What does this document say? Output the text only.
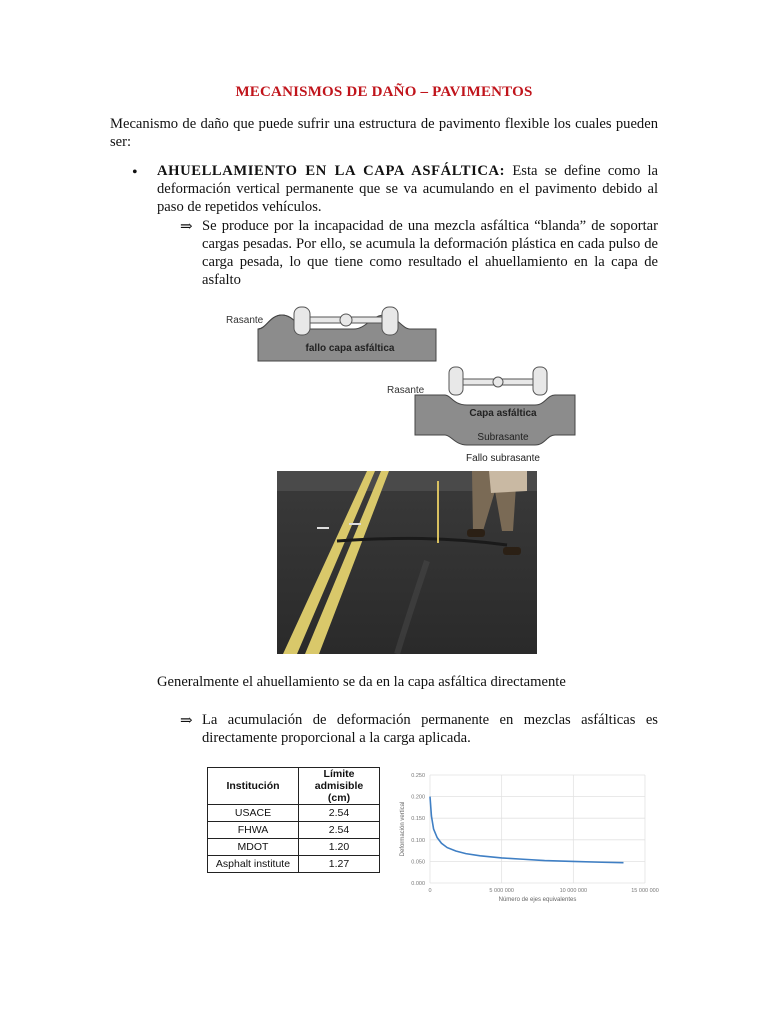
MECANISMOS DE DAÑO – PAVIMENTOS
Mecanismo de daño que puede sufrir una estructura de pavimento flexible los cuales pueden ser:
• AHUELLAMIENTO EN LA CAPA ASFÁLTICA: Esta se define como la deformación vertical permanente que se va acumulando en el pavimento debido al paso de repetidos vehículos.
⇒ Se produce por la incapacidad de una mezcla asfáltica “blanda” de soportar cargas pesadas. Por ello, se acumula la deformación plástica en cada pulso de carga pesada, lo que tiene como resultado el ahuellamiento en la capa de asfalto
Rasante
fallo capa asfáltica
Rasante
Capa asfáltica
Subrasante
Fallo subrasante
Generalmente el ahuellamiento se da en la capa asfáltica directamente
⇒ La acumulación de deformación permanente en mezclas asfálticas es directamente proporcional a la carga aplicada.
Institución	Límite admisible
(cm)
USACE	2.54
FHWA	2.54
MDOT	1.20
Asphalt institute	1.27
0.000
0.050
0.100
0.150
0.200
0.250
0	5 000 000	10 000 000	15 000 000
Deformación vertical
Número de ejes equivalentes
